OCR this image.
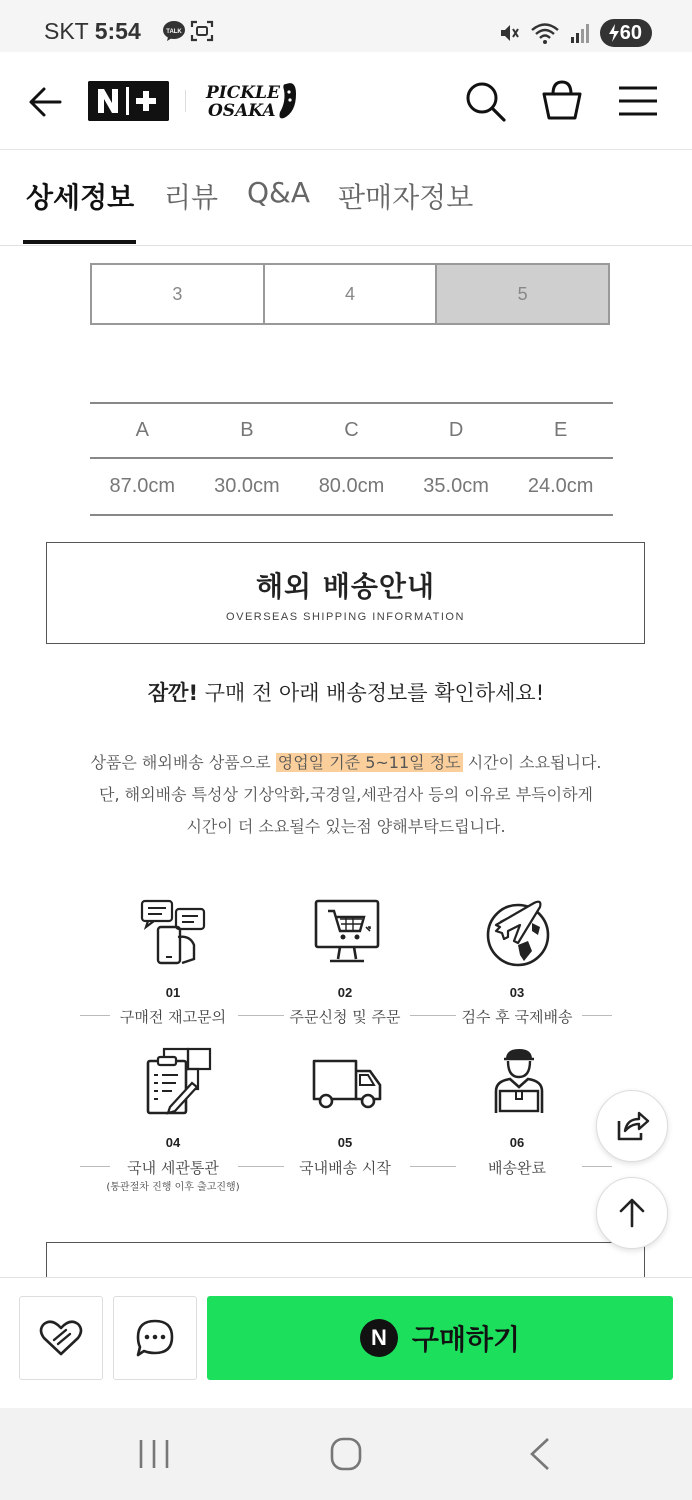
SKT 5:54	TALK	60
PICKLE
OSAKA
상세정보 리뷰 Q&A 판매자정보
3	4	5
A	B	C	D	E
87.0cm	30.0cm	80.0cm	35.0cm	24.0cm
해외 배송안내
OVERSEAS SHIPPING INFORMATION
잠깐! 구매 전 아래 배송정보를 확인하세요!
상품은 해외배송 상품으로 영업일 기준 5~11일 정도 시간이 소요됩니다.
단, 해외배송 특성상 기상악화,국경일,세관검사 등의 이유로 부득이하게
시간이 더 소요될수 있는점 양해부탁드립니다.
01	02	03
구매전 재고문의	주문신청 및 주문	검수 후 국제배송
04	05	06
국내 세관통관
(통관절차 진행 이후 출고진행)
국내배송 시작	배송완료
N 구매하기
